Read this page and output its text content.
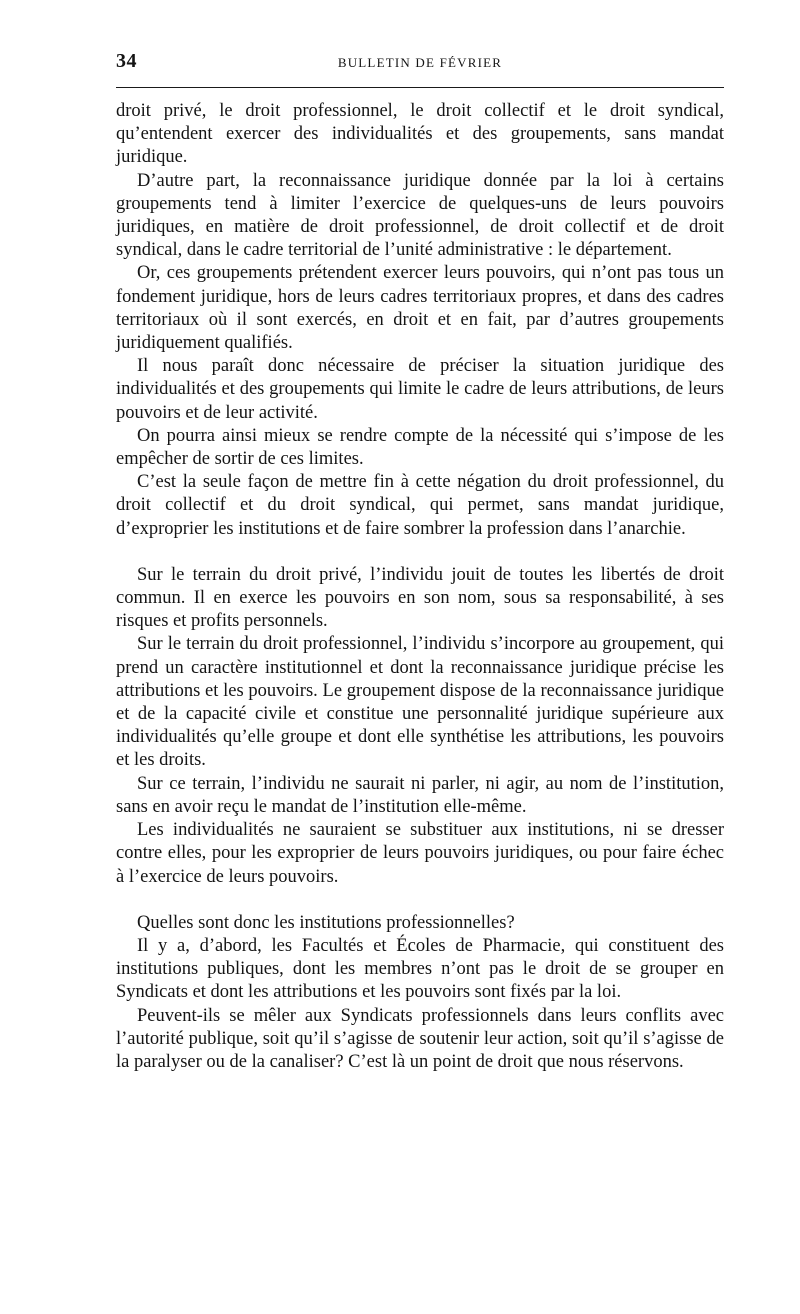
34	BULLETIN DE FÉVRIER

droit privé, le droit professionnel, le droit collectif et le droit syndical, qu’entendent exercer des individualités et des groupements, sans mandat juridique.

D’autre part, la reconnaissance juridique donnée par la loi à certains groupements tend à limiter l’exercice de quelques-uns de leurs pouvoirs juridiques, en matière de droit professionnel, de droit collectif et de droit syndical, dans le cadre territorial de l’unité administrative : le département.

Or, ces groupements prétendent exercer leurs pouvoirs, qui n’ont pas tous un fondement juridique, hors de leurs cadres territoriaux propres, et dans des cadres territoriaux où il sont exercés, en droit et en fait, par d’autres groupements juridiquement qualifiés.

Il nous paraît donc nécessaire de préciser la situation juridique des individualités et des groupements qui limite le cadre de leurs attributions, de leurs pouvoirs et de leur activité.

On pourra ainsi mieux se rendre compte de la nécessité qui s’impose de les empêcher de sortir de ces limites.

C’est la seule façon de mettre fin à cette négation du droit professionnel, du droit collectif et du droit syndical, qui permet, sans mandat juridique, d’exproprier les institutions et de faire sombrer la profession dans l’anarchie.

Sur le terrain du droit privé, l’individu jouit de toutes les libertés de droit commun. Il en exerce les pouvoirs en son nom, sous sa responsabilité, à ses risques et profits personnels.

Sur le terrain du droit professionnel, l’individu s’incorpore au groupement, qui prend un caractère institutionnel et dont la reconnaissance juridique précise les attributions et les pouvoirs. Le groupement dispose de la reconnaissance juridique et de la capacité civile et constitue une personnalité juridique supérieure aux individualités qu’elle groupe et dont elle synthétise les attributions, les pouvoirs et les droits.

Sur ce terrain, l’individu ne saurait ni parler, ni agir, au nom de l’institution, sans en avoir reçu le mandat de l’institution elle-même.

Les individualités ne sauraient se substituer aux institutions, ni se dresser contre elles, pour les exproprier de leurs pouvoirs juridiques, ou pour faire échec à l’exercice de leurs pouvoirs.

Quelles sont donc les institutions professionnelles?

Il y a, d’abord, les Facultés et Écoles de Pharmacie, qui constituent des institutions publiques, dont les membres n’ont pas le droit de se grouper en Syndicats et dont les attributions et les pouvoirs sont fixés par la loi.

Peuvent-ils se mêler aux Syndicats professionnels dans leurs conflits avec l’autorité publique, soit qu’il s’agisse de soutenir leur action, soit qu’il s’agisse de la paralyser ou de la canaliser? C’est là un point de droit que nous réservons.
